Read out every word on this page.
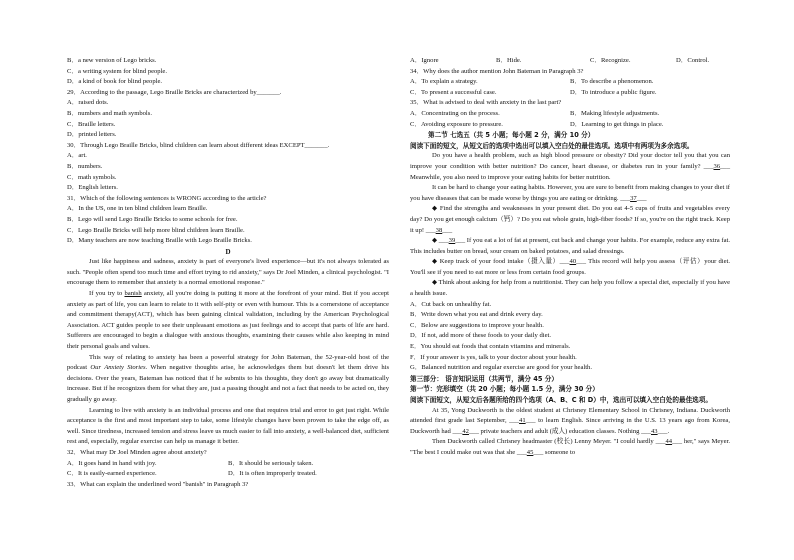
B．a new version of Lego bricks.
C．a writing system for blind people.
D．a kind of book for blind people.
29．According to the passage, Lego Braille Bricks are characterized by_______.
A．raised dots.
B．numbers and math symbols.
C．Braille letters.
D．printed letters.
30．Through Lego Braille Bricks, blind children can learn about different ideas EXCEPT_______.
A．art.
B．numbers.
C．math symbols.
D．English letters.
31．Which of the following sentences is WRONG according to the article?
A．In the US, one in ten blind children learn Braille.
B．Lego will send Lego Braille Bricks to some schools for free.
C．Lego Braille Bricks will help more blind children learn Braille.
D．Many teachers are now teaching Braille with Lego Braille Bricks.
D
Just like happiness and sadness, anxiety is part of everyone's lived experience—but it's not always tolerated as such. "People often spend too much time and effort trying to rid anxiety," says Dr Joel Minden, a clinical psychologist. "I encourage them to remember that anxiety is a normal emotional response."
If you try to banish anxiety, all you're doing is putting it more at the forefront of your mind. But if you accept anxiety as part of life, you can learn to relate to it with self-pity or even with humour. This is a cornerstone of acceptance and commitment therapy(ACT), which has been gaining clinical validation, including by the American Psychological Association. ACT guides people to see their unpleasant emotions as just feelings and to accept that parts of life are hard. Sufferers are encouraged to begin a dialogue with anxious thoughts, examining their causes while also keeping in mind their personal goals and values.
This way of relating to anxiety has been a powerful strategy for John Bateman, the 52-year-old host of the podcast Our Anxiety Stories. When negative thoughts arise, he acknowledges them but doesn't let them drive his decisions. Over the years, Bateman has noticed that if he submits to his thoughts, they don't go away but dramatically increase. But if he recognizes them for what they are, just a passing thought and not a fact that needs to be acted on, they gradually go away.
Learning to live with anxiety is an individual process and one that requires trial and error to get just right. While acceptance is the first and most important step to take, some lifestyle changes have been proven to take the edge off, as well. Since tiredness, increased tension and stress leave us much easier to fall into anxiety, a well-balanced diet, sufficient rest and, especially, regular exercise can help us manage it better.
32．What may Dr Joel Minden agree about anxiety?
A．It goes hand in hand with joy.	B．It should be seriously taken.
C．It is easily-earned experience.	D．It is often improperly treated.
33．What can explain the underlined word "banish" in Paragraph 3?
A．Ignore	B．Hide.	C．Recognize.	D．Control.
34．Why does the author mention John Bateman in Paragraph 3?
A．To explain a strategy.	B．To describe a phenomenon.
C．To present a successful case.	D．To introduce a public figure.
35．What is advised to deal with anxiety in the last part?
A．Concentrating on the process.	B．Making lifestyle adjustments.
C．Avoiding exposure to pressure.	D．Learning to get things in place.
第二节 七选五（共 5 小题；每小题 2 分，满分 10 分）
阅读下面的短文，从短文后的选项中选出可以填入空白处的最佳选项。选项中有两项为多余选项。
Do you have a health problem, such as high blood pressure or obesity? Did your doctor tell you that you can improve your condition with better nutrition? Do cancer, heart disease, or diabetes run in your family? ___36___ Meanwhile, you also need to improve your eating habits for better nutrition.
It can be hard to change your eating habits. However, you are sure to benefit from making changes to your diet if you have diseases that can be made worse by things you are eating or drinking. ___37___
◆ Find the strengths and weaknesses in your present diet. Do you eat 4-5 cups of fruits and vegetables every day? Do you get enough calcium（钙）? Do you eat whole grain, high-fiber foods? If so, you're on the right track. Keep it up! ___38___
◆ ___39___ If you eat a lot of fat at present, cut back and change your habits. For example, reduce any extra fat. This includes butter on bread, sour cream on baked potatoes, and salad dressings.
◆ Keep track of your food intake（摄入量）___40___ This record will help you assess（评估）your diet. You'll see if you need to eat more or less from certain food groups.
◆ Think about asking for help from a nutritionist. They can help you follow a special diet, especially if you have a health issue.
A．Cut back on unhealthy fat.
B．Write down what you eat and drink every day.
C．Below are suggestions to improve your health.
D．If not, add more of these foods to your daily diet.
E．You should eat foods that contain vitamins and minerals.
F．If your answer is yes, talk to your doctor about your health.
G．Balanced nutrition and regular exercise are good for your health.
第三部分： 语言知识运用（共两节，满分 45 分）
第一节：完形填空（共 20 小题；每小题 1.5 分，满分 30 分）
阅读下面短文，从短文后各题所给的四个选项（A、B、C 和 D）中，选出可以填入空白处的最佳选项。
At 35, Yong Duckworth is the oldest student at Chrisney Elementary School in Chrisney, Indiana. Duckworth attended first grade last September, ___41___ to learn English. Since arriving in the U.S. 13 years ago from Korea, Duckworth had ___42___ private teachers and adult (成人) education classes. Nothing ___43___.
Then Duckworth called Chrisney headmaster (校长) Lenny Meyer. "I could hardly ___44___ her," says Meyer. "The best I could make out was that she ___45___ someone to
